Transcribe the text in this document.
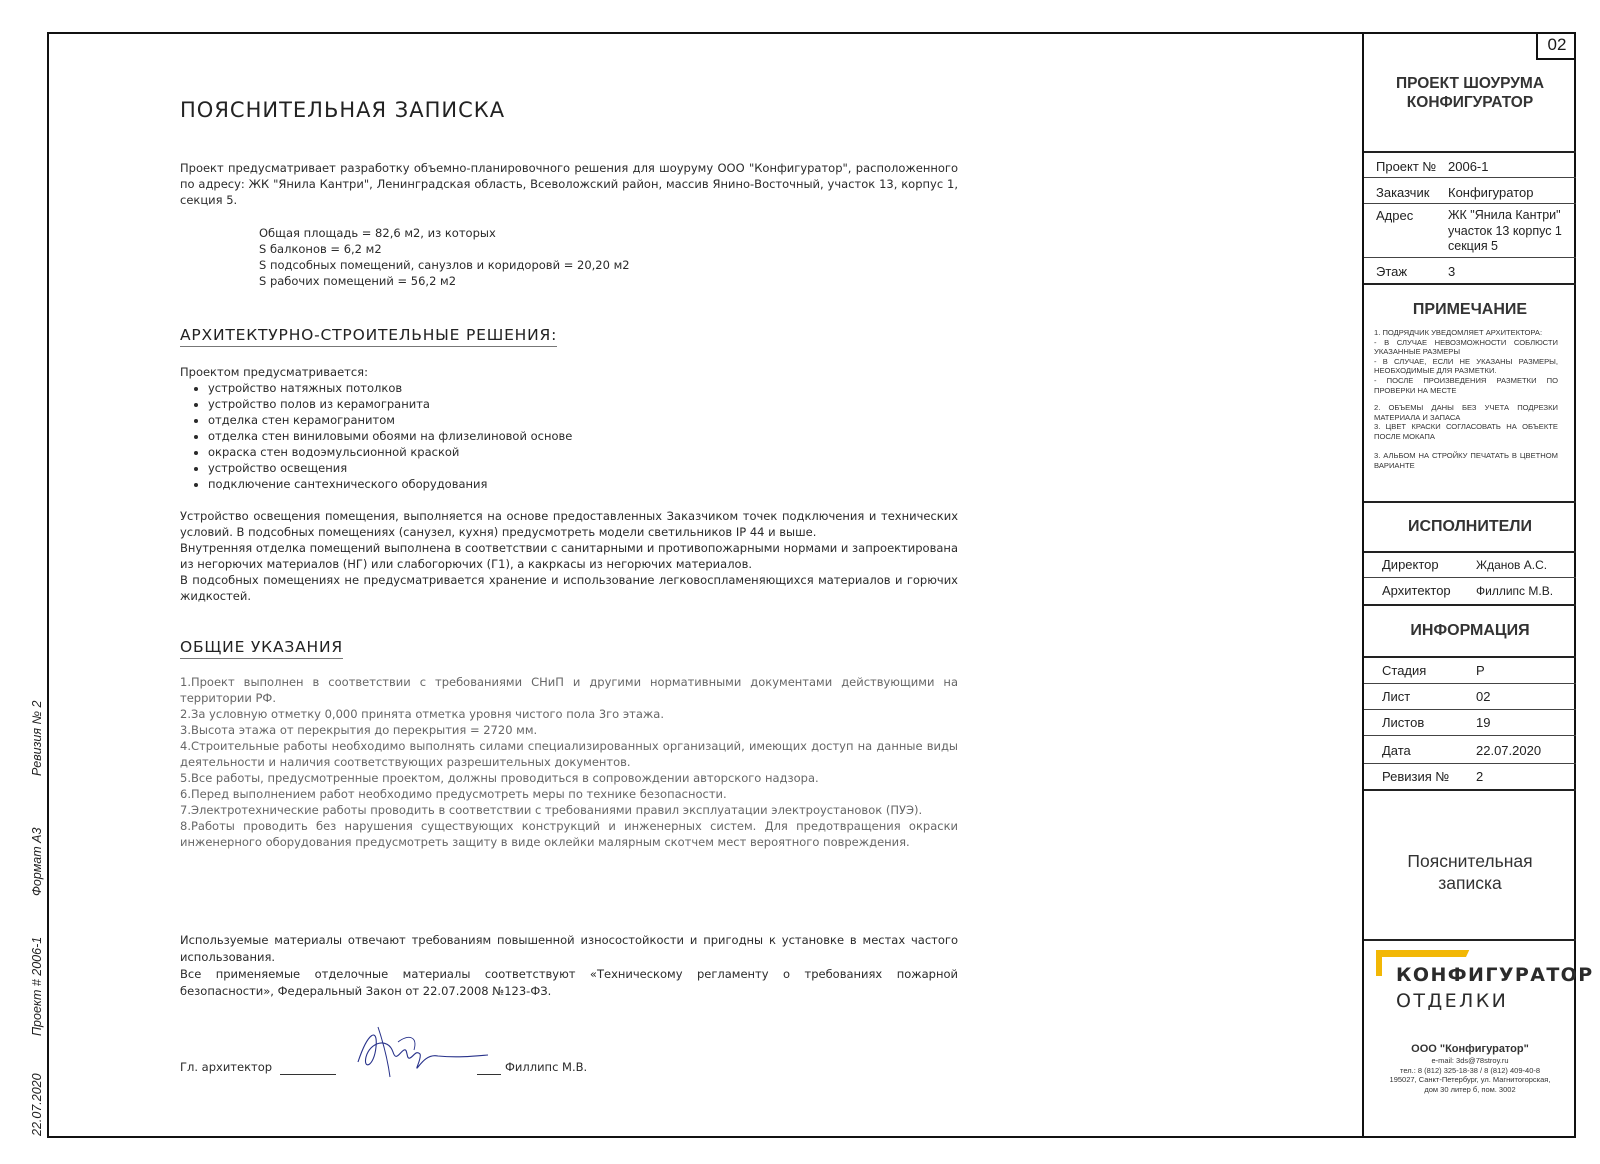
Ревизия № 2
Формат А3
Проект # 2006-1
22.07.2020
ПОЯСНИТЕЛЬНАЯ ЗАПИСКА
Проект предусматривает разработку объемно-планировочного решения для шоуруму ООО "Конфигуратор", расположенного по адресу: ЖК "Янила Кантри", Ленинградская область, Всеволожский район, массив Янино-Восточный, участок 13, корпус 1, секция 5.
Общая площадь = 82,6 м2, из которых
S балконов = 6,2 м2
S подсобных помещений, санузлов и коридоровй = 20,20 м2
S рабочих помещений = 56,2 м2
АРХИТЕКТУРНО-СТРОИТЕЛЬНЫЕ РЕШЕНИЯ:
Проектом предусматривается:
• устройство натяжных потолков
• устройство полов из керамогранита
• отделка стен керамогранитом
• отделка стен виниловыми обоями на флизелиновой основе
• окраска стен водоэмульсионной краской
• устройство освещения
• подключение сантехнического оборудования
Устройство освещения помещения, выполняется на основе предоставленных Заказчиком точек подключения и технических условий. В подсобных помещениях (санузел, кухня) предусмотреть модели светильников IP 44 и выше.
Внутренняя отделка помещений выполнена в соответствии с санитарными и противопожарными нормами и запроектирована из негорючих материалов (НГ) или слабогорючих (Г1), а какркасы из негорючих материалов.
В подсобных помещениях не предусматривается хранение и использование легковоспламеняющихся материалов и горючих жидкостей.
ОБЩИЕ УКАЗАНИЯ
1.Проект выполнен в соответствии с требованиями СНиП и другими нормативными документами действующими на территории РФ.
2.За условную отметку 0,000 принята отметка уровня чистого пола 3го этажа.
3.Высота этажа от перекрытия до перекрытия = 2720 мм.
4.Строительные работы необходимо выполнять силами специализированных организаций, имеющих доступ на данные виды деятельности и наличия соответствующих разрешительных документов.
5.Все работы, предусмотренные проектом, должны проводиться в сопровождении авторского надзора.
6.Перед выполнением работ необходимо предусмотреть меры по технике безопасности.
7.Электротехнические работы проводить в соответствии с требованиями правил эксплуатации электроустановок (ПУЭ).
8.Работы проводить без нарушения существующих конструкций и инженерных систем. Для предотвращения окраски инженерного оборудования предусмотреть защиту в виде оклейки малярным скотчем мест вероятного повреждения.
Используемые материалы отвечают требованиям повышенной износостойкости и пригодны к установке в местах частого использования.
Все применяемые отделочные материалы соответствуют «Техническому регламенту о требованиях пожарной безопасности», Федеральный Закон от 22.07.2008 №123-ФЗ.
Гл. архитектор	Филлипс М.В.
02
ПРОЕКТ ШОУРУМА
КОНФИГУРАТОР
Проект № 2006-1
Заказчик Конфигуратор
Адрес	ЖК "Янила Кантри" участок 13 корпус 1 секция 5
Этаж	3
ПРИМЕЧАНИЕ
1. ПОДРЯДЧИК УВЕДОМЛЯЕТ АРХИТЕКТОРА:
- В СЛУЧАЕ НЕВОЗМОЖНОСТИ СОБЛЮСТИ УКАЗАННЫЕ РАЗМЕРЫ
- В СЛУЧАЕ, ЕСЛИ НЕ УКАЗАНЫ РАЗМЕРЫ, НЕОБХОДИМЫЕ ДЛЯ РАЗМЕТКИ.
- ПОСЛЕ ПРОИЗВЕДЕНИЯ РАЗМЕТКИ ПО ПРОВЕРКИ НА МЕСТЕ
2. ОБЪЕМЫ ДАНЫ БЕЗ УЧЕТА ПОДРЕЗКИ МАТЕРИАЛА И ЗАПАСА
3. ЦВЕТ КРАСКИ СОГЛАСОВАТЬ НА ОБЪЕКТЕ ПОСЛЕ МОКАПА
3. АЛЬБОМ НА СТРОЙКУ ПЕЧАТАТЬ В ЦВЕТНОМ ВАРИАНТЕ
ИСПОЛНИТЕЛИ
Директор	Жданов А.С.
Архитектор Филлипс М.В.
ИНФОРМАЦИЯ
Стадия	Р
Лист	02
Листов	19
Дата	22.07.2020
Ревизия № 2
Пояснительная
записка
КОНФИГУРАТОР
ОТДЕЛКИ
ООО "Конфигуратор"
e-mail: 3ds@78stroy.ru
тел.: 8 (812) 325-18-38 / 8 (812) 409-40-8
195027, Санкт-Петербург, ул. Магнитогорская,
дом 30 литер б, пом. 3002
